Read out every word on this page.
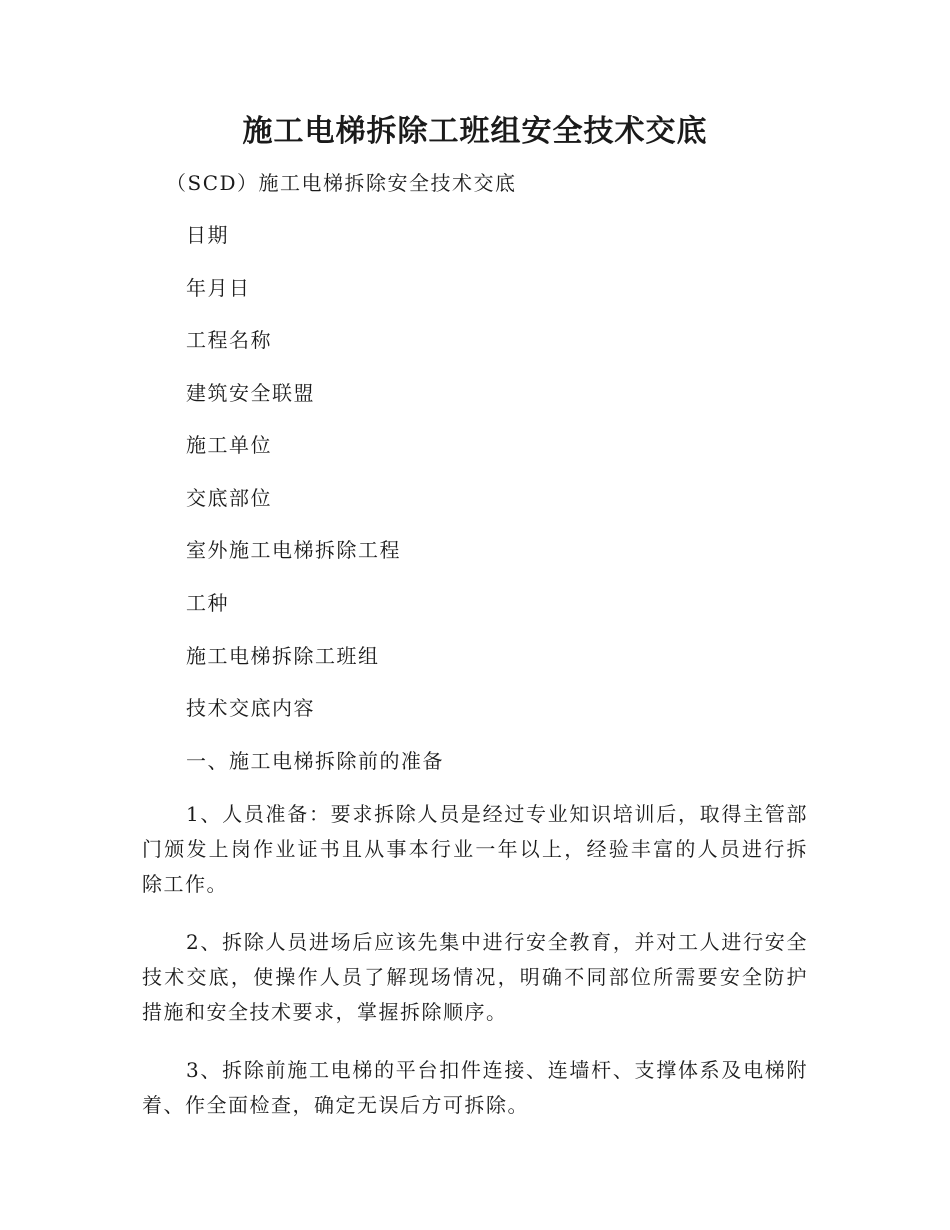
施工电梯拆除工班组安全技术交底

（SCD）施工电梯拆除安全技术交底

日期

年月日

工程名称

建筑安全联盟

施工单位

交底部位

室外施工电梯拆除工程

工种

施工电梯拆除工班组

技术交底内容

一、施工电梯拆除前的准备

1、人员准备：要求拆除人员是经过专业知识培训后，取得主管部门颁发上岗作业证书且从事本行业一年以上，经验丰富的人员进行拆除工作。

2、拆除人员进场后应该先集中进行安全教育，并对工人进行安全技术交底，使操作人员了解现场情况，明确不同部位所需要安全防护措施和安全技术要求，掌握拆除顺序。

3、拆除前施工电梯的平台扣件连接、连墙杆、支撑体系及电梯附着、作全面检查，确定无误后方可拆除。
